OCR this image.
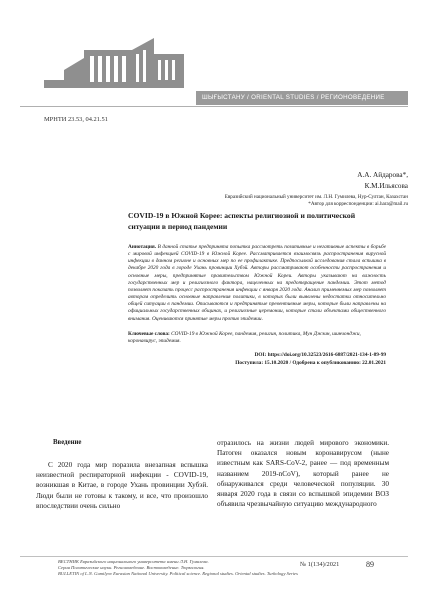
ШЫҒЫСТАНУ / ORIENTAL STUDIES / РЕГИОНОВЕДЕНИЕ
МРНТИ 23.53, 04.21.51
А.А. Айдарова*,
К.М.Ильясова
Евразийский национальный университет им. Л.Н. Гумилева, Нур-Султан, Казахстан
*Автор для корреспонденции: ai.hara@mail.ru
COVID-19 в Южной Корее: аспекты религиозной и политической ситуации в период пандемии
Аннотация. В данной статье предпринята попытка рассмотреть позитивные и негативные аспекты в борьбе с мировой инфекцией COVID-19 в Южной Корее. Рассматривается взаимосвязь распространения вирусной инфекции в данном регионе и основных мер по ее профилактике. Предпосылкой исследования стала вспышка в декабре 2020 года в городе Ухань провинции Хубэй. Авторы рассматривают особенности распространения и основные меры, предпринятые правительством Южной Кореи. Авторы указывают на важность государственных мер и религиозного фактора, нацеленных на предотвращение пандемии. Этот метод позволяет показать процесс распространения инфекции с января 2020 года. Анализ применяемых мер позволяет авторам определить основные направления политики, в которых были выявлены недостатки относительно общей ситуации в пандемии. Описываются и предпринятые превентивные меры, которые были направлены на официальных государственных общинах, и религиозные церемонии, которые стали объектами общественного внимания. Оцениваются принятые меры против эпидемии.
Ключевые слова: COVID-19 в Южной Корее, пандемия, религия, политика, Мун Джэин, шинчонджи, коронавирус, эпидемия.
DOI: https://doi.org/10.32523/2616-6887/2021-134-1-89-99
Поступила: 15.10.2020 / Одобрена к опубликованию: 22.01.2021
Введение

С 2020 года мир поразила внезапная вспышка неизвестной респираторной инфекции - COVID-19, возникшая в Китае, в городе Ухань провинции Хубэй. Люди были не готовы к такому, и все, что произошло впоследствии очень сильно

отразилось на жизни людей мирового экономики. Патоген оказался новым коронавирусом (ныне известным как SARS-CoV-2, ранее — под временным названием 2019-nCoV), который ранее не обнаруживался среди человеческой популяции. 30 января 2020 года в связи со вспышкой эпидемии ВОЗ объявила чрезвычайную ситуацию международного

ВЕСТНИК Евразийского национального университета имени Л.Н. Гумилева.
Серия Политические науки. Регионоведение. Востоковедение. Тюркология.
BULLETIN of L.N. Gumilyov Eurasian National University. Political science. Regional studies. Oriental studies. Turkology Series
№ 1(134)/2021	89
